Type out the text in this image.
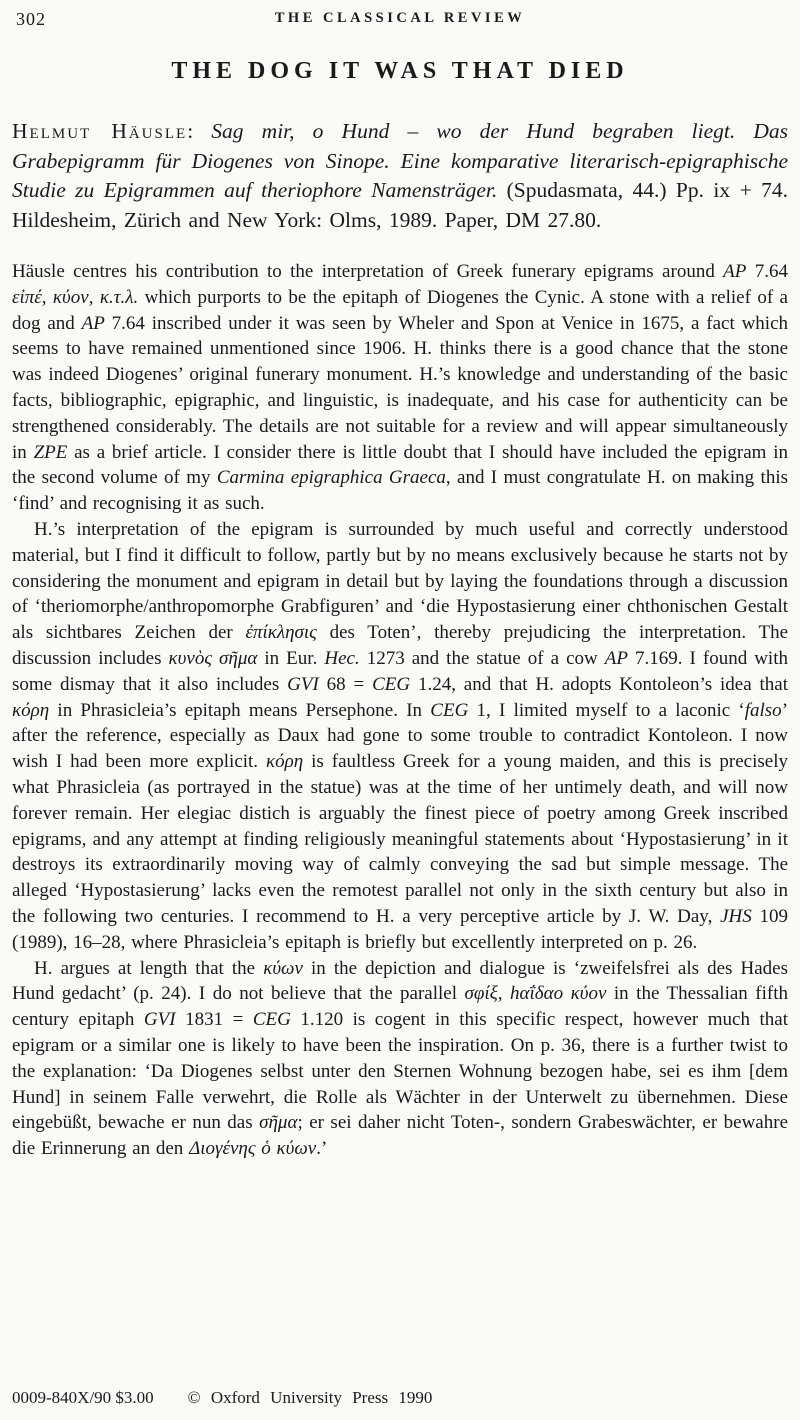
302	THE CLASSICAL REVIEW
THE DOG IT WAS THAT DIED

Helmut Häusle: Sag mir, o Hund – wo der Hund begraben liegt. Das Grabepigramm für Diogenes von Sinope. Eine komparative literarisch-epigraphische Studie zu Epigrammen auf theriophore Namensträger. (Spudasmata, 44.) Pp. ix + 74. Hildesheim, Zürich and New York: Olms, 1989. Paper, DM 27.80.

Häusle centres his contribution to the interpretation of Greek funerary epigrams around AP 7.64 εἰπέ, κύον, κ.τ.λ. which purports to be the epitaph of Diogenes the Cynic. A stone with a relief of a dog and AP 7.64 inscribed under it was seen by Wheler and Spon at Venice in 1675, a fact which seems to have remained unmentioned since 1906. H. thinks there is a good chance that the stone was indeed Diogenes’ original funerary monument. H.’s knowledge and understanding of the basic facts, bibliographic, epigraphic, and linguistic, is inadequate, and his case for authenticity can be strengthened considerably. The details are not suitable for a review and will appear simultaneously in ZPE as a brief article. I consider there is little doubt that I should have included the epigram in the second volume of my Carmina epigraphica Graeca, and I must congratulate H. on making this ‘find’ and recognising it as such.

H.’s interpretation of the epigram is surrounded by much useful and correctly understood material, but I find it difficult to follow, partly but by no means exclusively because he starts not by considering the monument and epigram in detail but by laying the foundations through a discussion of ‘theriomorphe/anthropomorphe Grabfiguren’ and ‘die Hypostasierung einer chthonischen Gestalt als sichtbares Zeichen der ἐπίκλησις des Toten’, thereby prejudicing the interpretation. The discussion includes κυνὸς σῆμα in Eur. Hec. 1273 and the statue of a cow AP 7.169. I found with some dismay that it also includes GVI 68 = CEG 1.24, and that H. adopts Kontoleon’s idea that κόρη in Phrasicleia’s epitaph means Persephone. In CEG 1, I limited myself to a laconic ‘falso’ after the reference, especially as Daux had gone to some trouble to contradict Kontoleon. I now wish I had been more explicit. κόρη is faultless Greek for a young maiden, and this is precisely what Phrasicleia (as portrayed in the statue) was at the time of her untimely death, and will now forever remain. Her elegiac distich is arguably the finest piece of poetry among Greek inscribed epigrams, and any attempt at finding religiously meaningful statements about ‘Hypostasierung’ in it destroys its extraordinarily moving way of calmly conveying the sad but simple message. The alleged ‘Hypostasierung’ lacks even the remotest parallel not only in the sixth century but also in the following two centuries. I recommend to H. a very perceptive article by J. W. Day, JHS 109 (1989), 16–28, where Phrasicleia’s epitaph is briefly but excellently interpreted on p. 26.

H. argues at length that the κύων in the depiction and dialogue is ‘zweifelsfrei als des Hades Hund gedacht’ (p. 24). I do not believe that the parallel σφίξ, hαΐδαο κύον in the Thessalian fifth century epitaph GVI 1831 = CEG 1.120 is cogent in this specific respect, however much that epigram or a similar one is likely to have been the inspiration. On p. 36, there is a further twist to the explanation: ‘Da Diogenes selbst unter den Sternen Wohnung bezogen habe, sei es ihm [dem Hund] in seinem Falle verwehrt, die Rolle als Wächter in der Unterwelt zu übernehmen. Diese eingebüßt, bewache er nun das σῆμα; er sei daher nicht Toten-, sondern Grabeswächter, er bewahre die Erinnerung an den Διογένης ὁ κύων.’

0009-840X/90 $3.00 © Oxford University Press 1990
